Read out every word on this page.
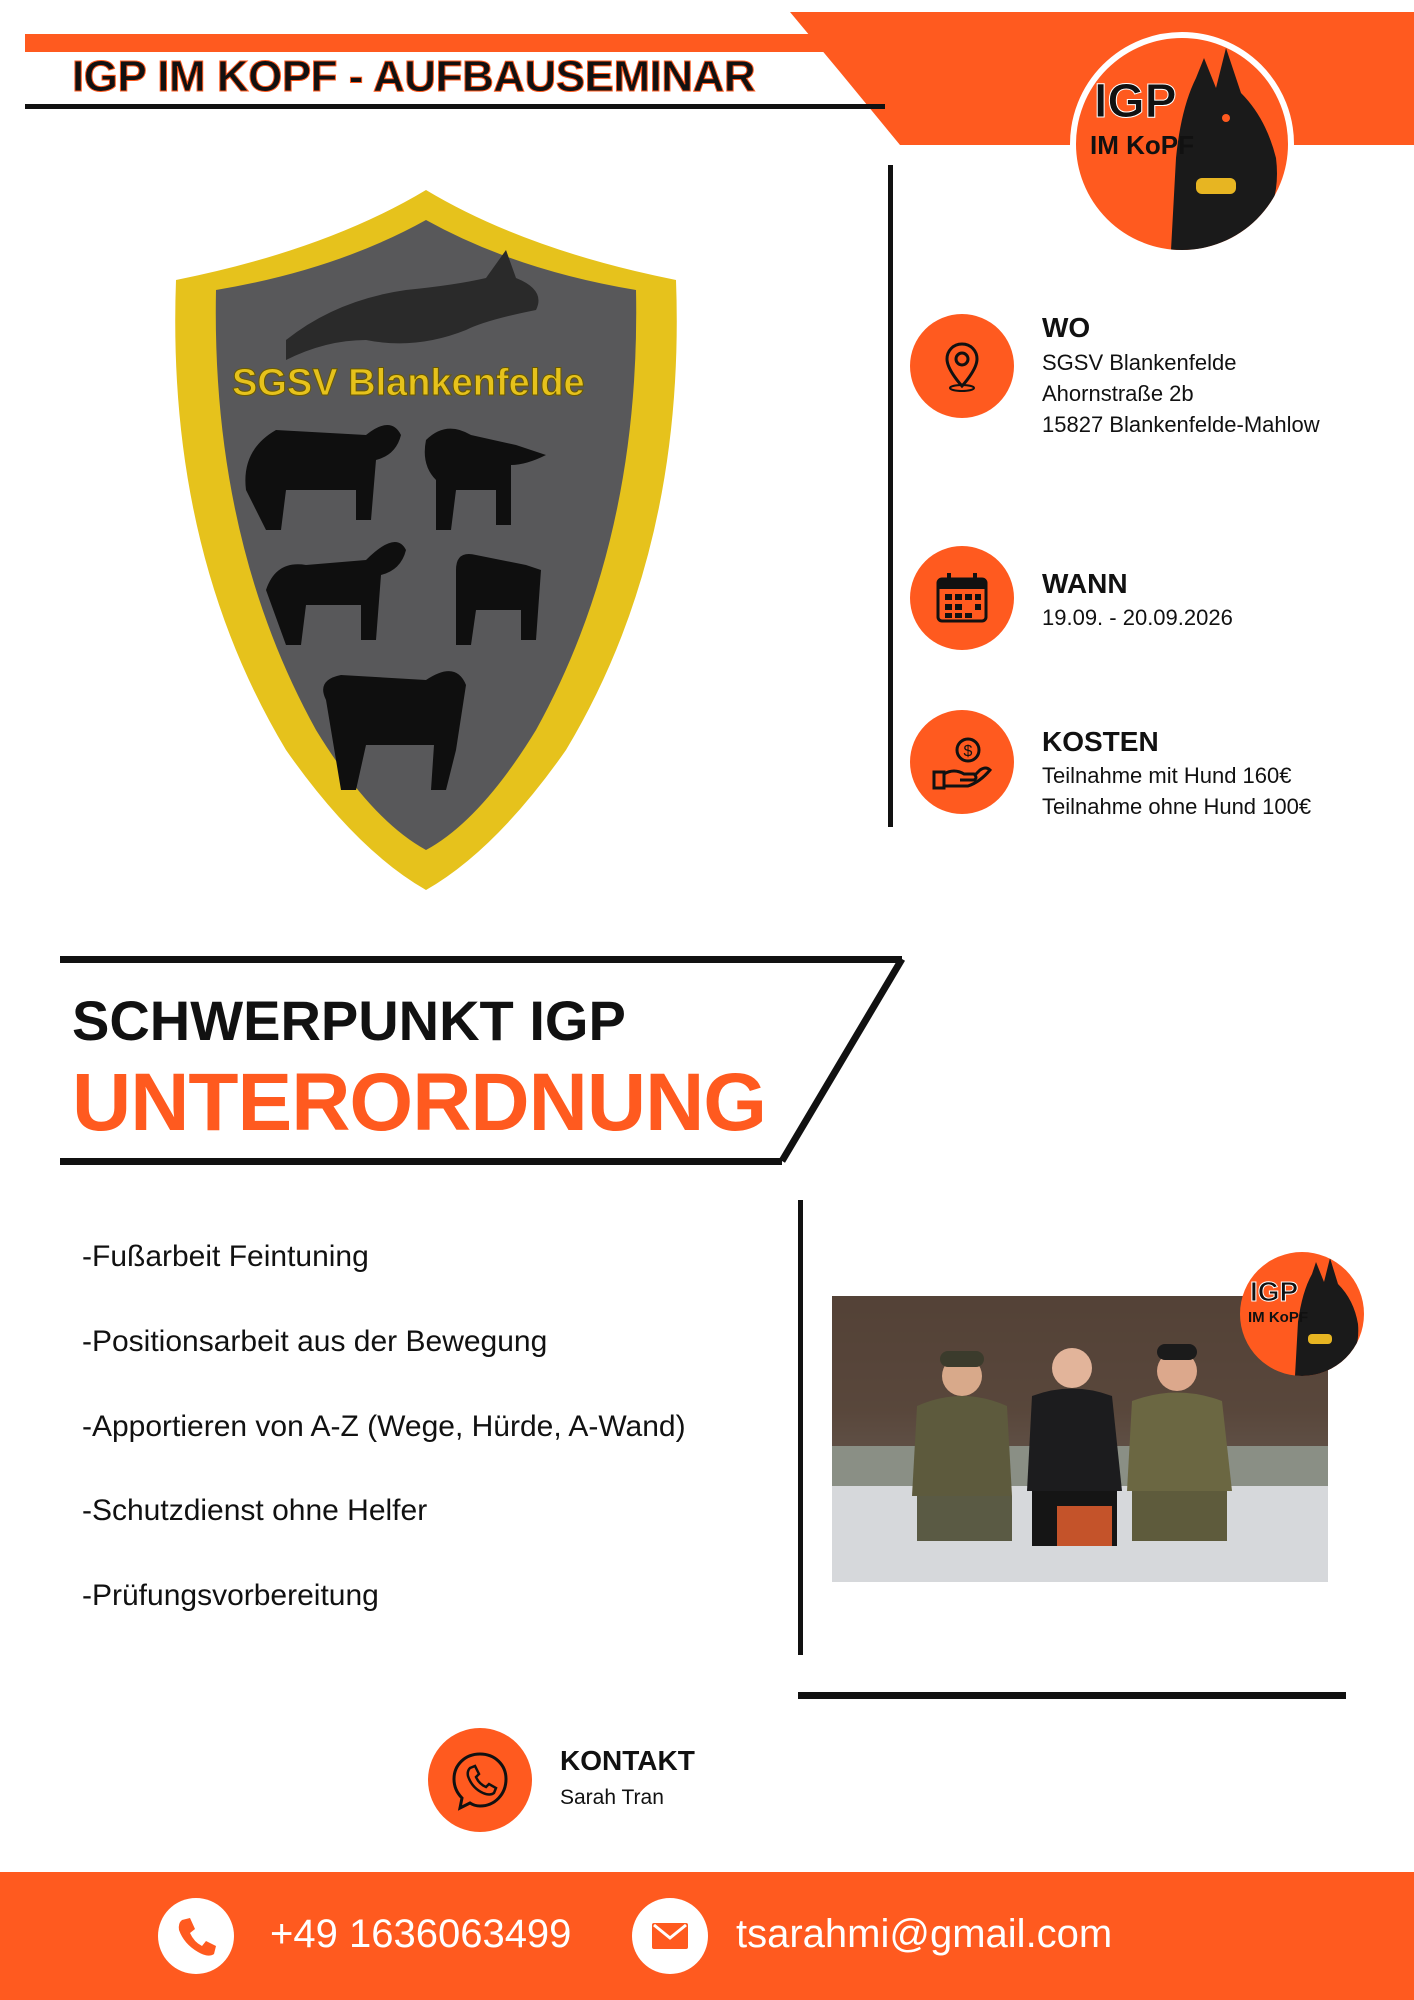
IGP IM KOPF - AUFBAUSEMINAR	IGP
IM KoPF
SGSV Blankenfelde
WO
SGSV Blankenfelde
Ahornstraße 2b
15827 Blankenfelde-Mahlow
WANN
19.09. - 20.09.2026
$ KOSTEN
Teilnahme mit Hund 160€
Teilnahme ohne Hund 100€
SCHWERPUNKT IGP
UNTERORDNUNG
-Fußarbeit Feintuning
-Positionsarbeit aus der Bewegung
-Apportieren von A-Z (Wege, Hürde, A-Wand)
-Schutzdienst ohne Helfer
-Prüfungsvorbereitung
IGP
IM KoPF
KONTAKT
Sarah Tran
+49 1636063499	tsarahmi@gmail.com
